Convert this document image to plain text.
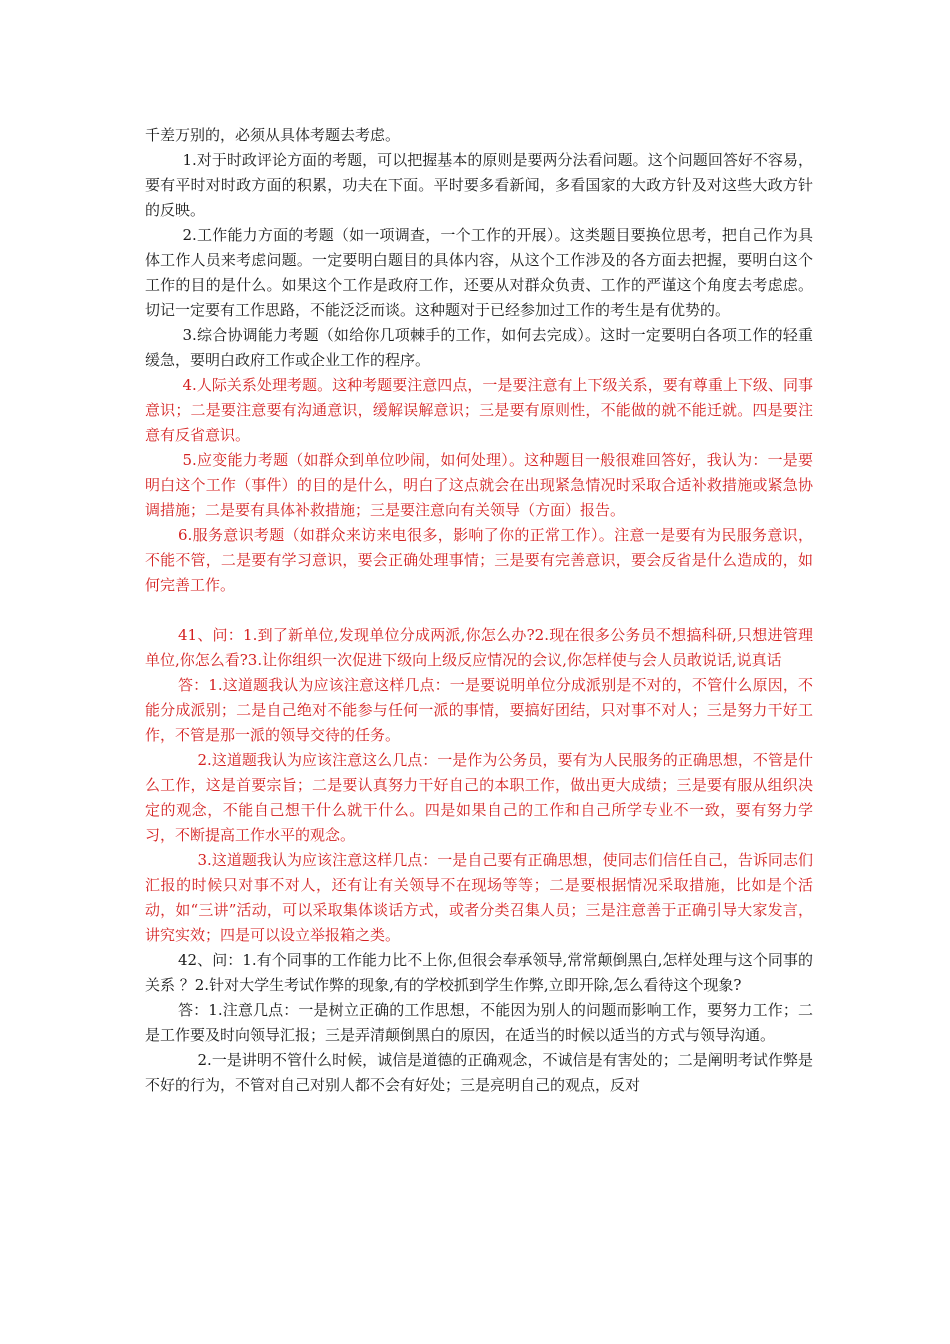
千差万别的，必须从具体考题去考虑。

1.对于时政评论方面的考题，可以把握基本的原则是要两分法看问题。这个问题回答好不容易，要有平时对时政方面的积累，功夫在下面。平时要多看新闻，多看国家的大政方针及对这些大政方针的反映。

2.工作能力方面的考题（如一项调查，一个工作的开展）。这类题目要换位思考，把自己作为具体工作人员来考虑问题。一定要明白题目的具体内容，从这个工作涉及的各方面去把握，要明白这个工作的目的是什么。如果这个工作是政府工作，还要从对群众负责、工作的严谨这个角度去考虑虑。切记一定要有工作思路，不能泛泛而谈。这种题对于已经参加过工作的考生是有优势的。

3.综合协调能力考题（如给你几项棘手的工作，如何去完成）。这时一定要明白各项工作的轻重缓急，要明白政府工作或企业工作的程序。

4.人际关系处理考题。这种考题要注意四点，一是要注意有上下级关系，要有尊重上下级、同事意识；二是要注意要有沟通意识，缓解误解意识；三是要有原则性，不能做的就不能迁就。四是要注意有反省意识。

5.应变能力考题（如群众到单位吵闹，如何处理）。这种题目一般很难回答好，我认为：一是要明白这个工作（事件）的目的是什么，明白了这点就会在出现紧急情况时采取合适补救措施或紧急协调措施；二是要有具体补救措施；三是要注意向有关领导（方面）报告。

6.服务意识考题（如群众来访来电很多，影响了你的正常工作）。注意一是要有为民服务意识，不能不管，二是要有学习意识，要会正确处理事情；三是要有完善意识，要会反省是什么造成的，如何完善工作。

41、问：1.到了新单位,发现单位分成两派,你怎么办?2.现在很多公务员不想搞科研,只想进管理单位,你怎么看?3.让你组织一次促进下级向上级反应情况的会议,你怎样使与会人员敢说话,说真话

答：1.这道题我认为应该注意这样几点：一是要说明单位分成派别是不对的，不管什么原因，不能分成派别；二是自己绝对不能参与任何一派的事情，要搞好团结，只对事不对人；三是努力干好工作，不管是那一派的领导交待的任务。

2.这道题我认为应该注意这么几点：一是作为公务员，要有为人民服务的正确思想，不管是什么工作，这是首要宗旨；二是要认真努力干好自己的本职工作，做出更大成绩；三是要有服从组织决定的观念，不能自己想干什么就干什么。四是如果自己的工作和自己所学专业不一致，要有努力学习，不断提高工作水平的观念。

3.这道题我认为应该注意这样几点：一是自己要有正确思想，使同志们信任自己，告诉同志们汇报的时候只对事不对人，还有让有关领导不在现场等等；二是要根据情况采取措施，比如是个活动，如“三讲”活动，可以采取集体谈话方式，或者分类召集人员；三是注意善于正确引导大家发言，讲究实效；四是可以设立举报箱之类。

42、问：1.有个同事的工作能力比不上你,但很会奉承领导,常常颠倒黑白,怎样处理与这个同事的关系 ？2.针对大学生考试作弊的现象,有的学校抓到学生作弊,立即开除,怎么看待这个现象?

答：1.注意几点：一是树立正确的工作思想，不能因为别人的问题而影响工作，要努力工作；二是工作要及时向领导汇报；三是弄清颠倒黑白的原因，在适当的时候以适当的方式与领导沟通。

2.一是讲明不管什么时候，诚信是道德的正确观念，不诚信是有害处的；二是阐明考试作弊是不好的行为，不管对自己对别人都不会有好处；三是亮明自己的观点，反对
